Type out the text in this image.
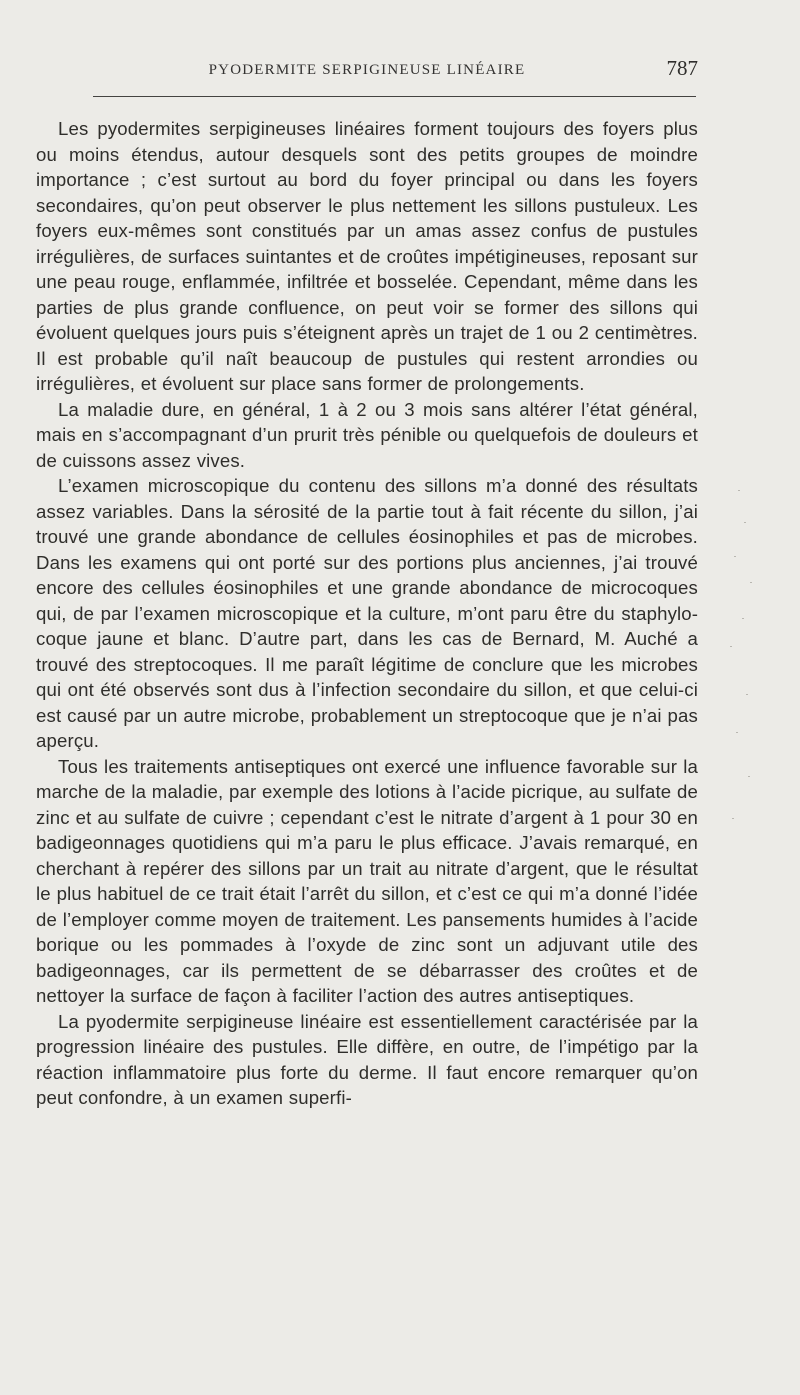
PYODERMITE SERPIGINEUSE LINÉAIRE	787

Les pyodermites serpigineuses linéaires forment toujours des foyers plus ou moins étendus, autour desquels sont des petits groupes de moindre importance ; c’est surtout au bord du foyer principal ou dans les foyers secondaires, qu’on peut observer le plus nettement les sillons pustuleux. Les foyers eux-mêmes sont constitués par un amas assez confus de pustules irrégulières, de surfaces suintantes et de croûtes impétigineuses, reposant sur une peau rouge, enflammée, infiltrée et bosselée. Cependant, même dans les parties de plus grande confluence, on peut voir se former des sillons qui évoluent quelques jours puis s’éteignent après un trajet de 1 ou 2 centimètres. Il est probable qu’il naît beaucoup de pustules qui restent arrondies ou irrégulières, et évoluent sur place sans former de prolongements.

La maladie dure, en général, 1 à 2 ou 3 mois sans altérer l’état général, mais en s’accompagnant d’un prurit très pénible ou quelquefois de douleurs et de cuissons assez vives.

L’examen microscopique du contenu des sillons m’a donné des résultats assez variables. Dans la sérosité de la partie tout à fait récente du sillon, j’ai trouvé une grande abondance de cellules éosinophiles et pas de microbes. Dans les examens qui ont porté sur des portions plus anciennes, j’ai trouvé encore des cellules éosinophiles et une grande abondance de microcoques qui, de par l’examen microscopique et la culture, m’ont paru être du staphylocoque jaune et blanc. D’autre part, dans les cas de Bernard, M. Auché a trouvé des streptocoques. Il me paraît légitime de conclure que les microbes qui ont été observés sont dus à l’infection secondaire du sillon, et que celui-ci est causé par un autre microbe, probablement un streptocoque que je n’ai pas aperçu.

Tous les traitements antiseptiques ont exercé une influence favorable sur la marche de la maladie, par exemple des lotions à l’acide picrique, au sulfate de zinc et au sulfate de cuivre ; cependant c’est le nitrate d’argent à 1 pour 30 en badigeonnages quotidiens qui m’a paru le plus efficace. J’avais remarqué, en cherchant à repérer des sillons par un trait au nitrate d’argent, que le résultat le plus habituel de ce trait était l’arrêt du sillon, et c’est ce qui m’a donné l’idée de l’employer comme moyen de traitement. Les pansements humides à l’acide borique ou les pommades à l’oxyde de zinc sont un adjuvant utile des badigeonnages, car ils permettent de se débarrasser des croûtes et de nettoyer la surface de façon à faciliter l’action des autres antiseptiques.

La pyodermite serpigineuse linéaire est essentiellement caractérisée par la progression linéaire des pustules. Elle diffère, en outre, de l’impétigo par la réaction inflammatoire plus forte du derme. Il faut encore remarquer qu’on peut confondre, à un examen superfi-
